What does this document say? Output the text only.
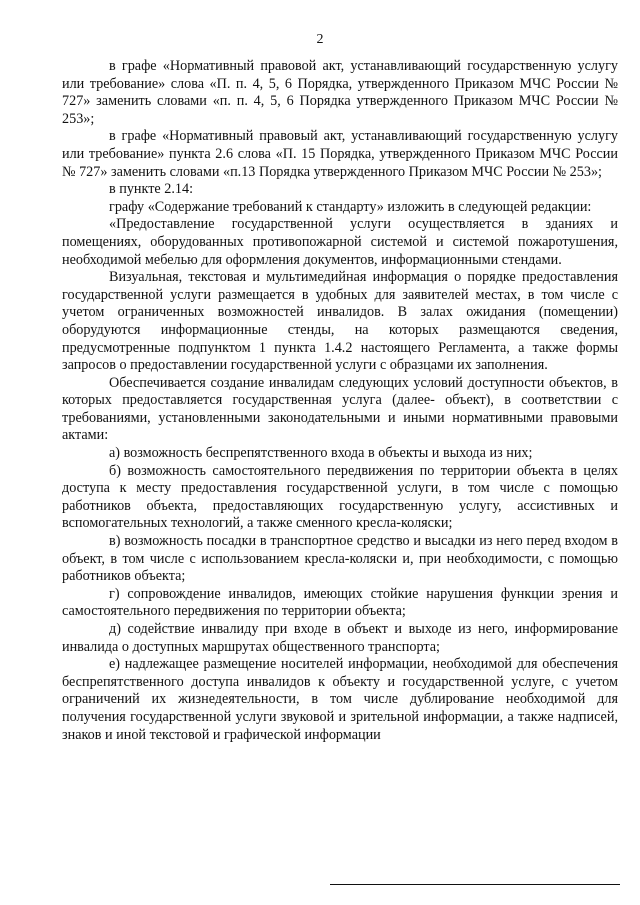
2

в графе «Нормативный правовой акт, устанавливающий государственную услугу или требование» слова «П. п. 4, 5, 6 Порядка, утвержденного Приказом МЧС России № 727» заменить словами «п. п. 4, 5, 6 Порядка утвержденного Приказом МЧС России № 253»;

в графе «Нормативный правовый акт, устанавливающий государственную услугу или требование» пункта 2.6 слова «П. 15 Порядка, утвержденного Приказом МЧС России № 727» заменить словами «п.13 Порядка утвержденного Приказом МЧС России № 253»;

в пункте 2.14:

графу «Содержание требований к стандарту» изложить в следующей редакции:

«Предоставление государственной услуги осуществляется в зданиях и помещениях, оборудованных противопожарной системой и системой пожаротушения, необходимой мебелью для оформления документов, информационными стендами.

Визуальная, текстовая и мультимедийная информация о порядке предоставления государственной услуги размещается в удобных для заявителей местах, в том числе с учетом ограниченных возможностей инвалидов. В залах ожидания (помещении) оборудуются информационные стенды, на которых размещаются сведения, предусмотренные подпунктом 1 пункта 1.4.2 настоящего Регламента, а также формы запросов о предоставлении государственной услуги с образцами их заполнения.

Обеспечивается создание инвалидам следующих условий доступности объектов, в которых предоставляется государственная услуга (далее- объект), в соответствии с требованиями, установленными законодательными и иными нормативными правовыми актами:

а) возможность беспрепятственного входа в объекты и выхода из них;

б) возможность самостоятельного передвижения по территории объекта в целях доступа к месту предоставления государственной услуги, в том числе с помощью работников объекта, предоставляющих государственную услугу, ассистивных и вспомогательных технологий, а также сменного кресла-коляски;

в) возможность посадки в транспортное средство и высадки из него перед входом в объект, в том числе с использованием кресла-коляски и, при необходимости, с помощью работников объекта;

г) сопровождение инвалидов, имеющих стойкие нарушения функции зрения и самостоятельного передвижения по территории объекта;

д) содействие инвалиду при входе в объект и выходе из него, информирование инвалида о доступных маршрутах общественного транспорта;

е) надлежащее размещение носителей информации, необходимой для обеспечения беспрепятственного доступа инвалидов к объекту и государственной услуге, с учетом ограничений их жизнедеятельности, в том числе дублирование необходимой для получения государственной услуги звуковой и зрительной информации, а также надписей, знаков и иной текстовой и графической информации
